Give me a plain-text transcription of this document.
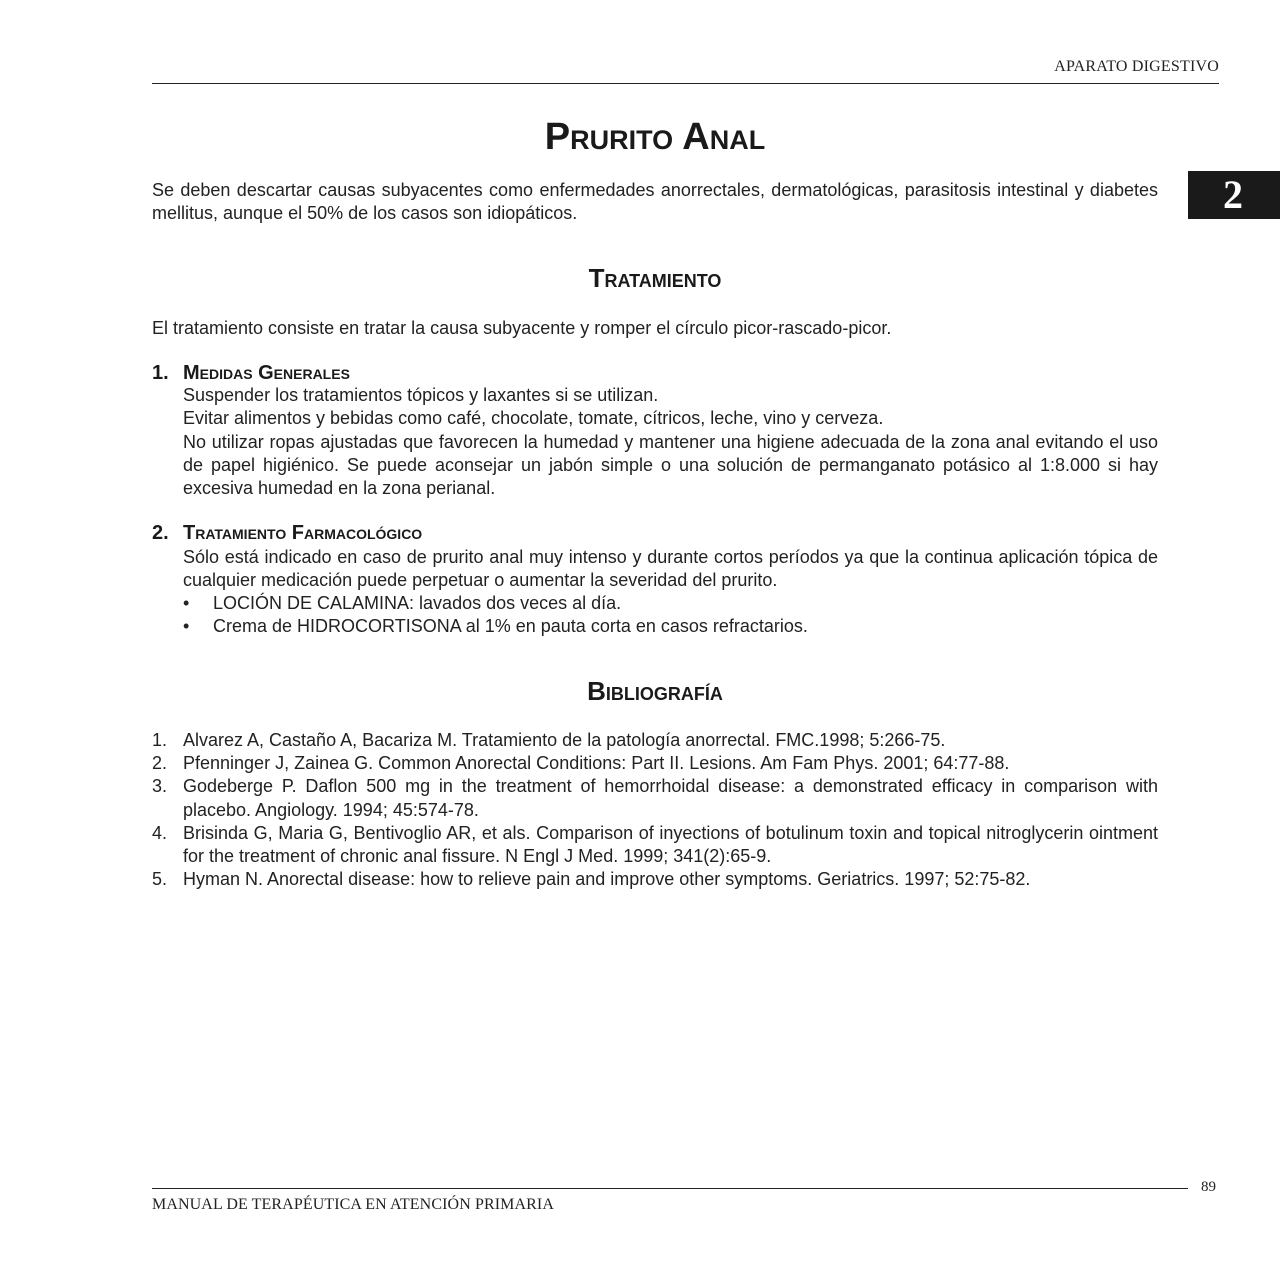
APARATO DIGESTIVO
2
Prurito Anal

Se deben descartar causas subyacentes como enfermedades anorrectales, dermatológicas, parasitosis intestinal y diabetes mellitus, aunque el 50% de los casos son idiopáticos.

Tratamiento

El tratamiento consiste en tratar la causa subyacente y romper el círculo picor-rascado-picor.

1. Medidas Generales

Suspender los tratamientos tópicos y laxantes si se utilizan.

Evitar alimentos y bebidas como café, chocolate, tomate, cítricos, leche, vino y cerveza.

No utilizar ropas ajustadas que favorecen la humedad y mantener una higiene adecuada de la zona anal evitando el uso de papel higiénico. Se puede aconsejar un jabón simple o una solución de permanganato potásico al 1:8.000 si hay excesiva humedad en la zona perianal.

2. Tratamiento Farmacológico

Sólo está indicado en caso de prurito anal muy intenso y durante cortos períodos ya que la continua aplicación tópica de cualquier medicación puede perpetuar o aumentar la severidad del prurito.

• LOCIÓN DE CALAMINA: lavados dos veces al día.
• Crema de HIDROCORTISONA al 1% en pauta corta en casos refractarios.
Bibliografía
1. Alvarez A, Castaño A, Bacariza M. Tratamiento de la patología anorrectal. FMC.1998; 5:266-75.
2. Pfenninger J, Zainea G. Common Anorectal Conditions: Part II. Lesions. Am Fam Phys. 2001; 64:77-88.
3. Godeberge P. Daflon 500 mg in the treatment of hemorrhoidal disease: a demonstrated efficacy in comparison with placebo. Angiology. 1994; 45:574-78.
4. Brisinda G, Maria G, Bentivoglio AR, et als. Comparison of inyections of botulinum toxin and topical nitroglycerin ointment for the treatment of chronic anal fissure. N Engl J Med. 1999; 341(2):65-9.
5. Hyman N. Anorectal disease: how to relieve pain and improve other symptoms. Geriatrics. 1997; 52:75-82.
89
MANUAL DE TERAPÉUTICA EN ATENCIÓN PRIMARIA
